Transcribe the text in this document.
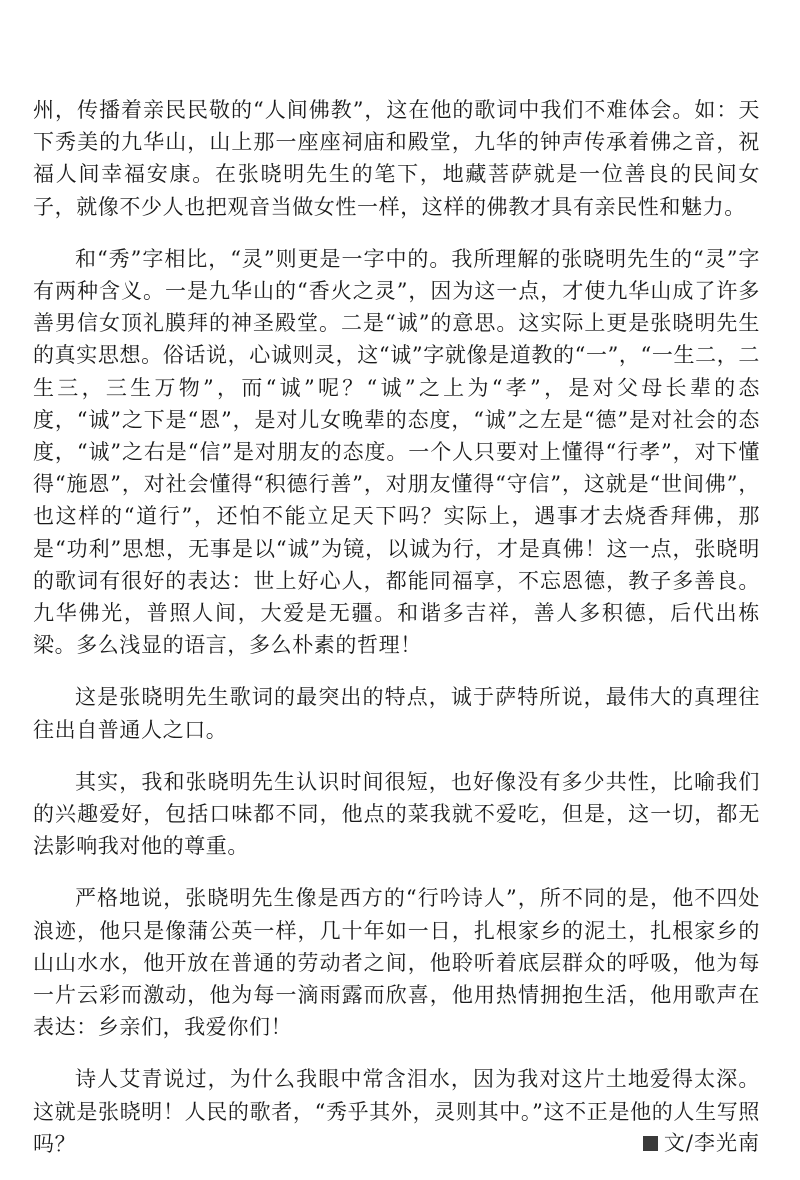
州，传播着亲民民敬的“人间佛教”，这在他的歌词中我们不难体会。如：天下秀美的九华山，山上那一座座祠庙和殿堂，九华的钟声传承着佛之音，祝福人间幸福安康。在张晓明先生的笔下，地藏菩萨就是一位善良的民间女子，就像不少人也把观音当做女性一样，这样的佛教才具有亲民性和魅力。

和“秀”字相比，“灵”则更是一字中的。我所理解的张晓明先生的“灵”字有两种含义。一是九华山的“香火之灵”，因为这一点，才使九华山成了许多善男信女顶礼膜拜的神圣殿堂。二是“诚”的意思。这实际上更是张晓明先生的真实思想。俗话说，心诚则灵，这“诚”字就像是道教的“一”，“一生二，二生三，三生万物”，而“诚”呢？“诚”之上为“孝”，是对父母长辈的态度，“诚”之下是“恩”，是对儿女晚辈的态度，“诚”之左是“德”是对社会的态度，“诚”之右是“信”是对朋友的态度。一个人只要对上懂得“行孝”，对下懂得“施恩”，对社会懂得“积德行善”，对朋友懂得“守信”，这就是“世间佛”，也这样的“道行”，还怕不能立足天下吗？实际上，遇事才去烧香拜佛，那是“功利”思想，无事是以“诚”为镜，以诚为行，才是真佛！这一点，张晓明的歌词有很好的表达：世上好心人，都能同福享，不忘恩德，教子多善良。九华佛光，普照人间，大爱是无疆。和谐多吉祥，善人多积德，后代出栋梁。多么浅显的语言，多么朴素的哲理！

这是张晓明先生歌词的最突出的特点，诚于萨特所说，最伟大的真理往往出自普通人之口。

其实，我和张晓明先生认识时间很短，也好像没有多少共性，比喻我们的兴趣爱好，包括口味都不同，他点的菜我就不爱吃，但是，这一切，都无法影响我对他的尊重。

严格地说，张晓明先生像是西方的“行吟诗人”，所不同的是，他不四处浪迹，他只是像蒲公英一样，几十年如一日，扎根家乡的泥土，扎根家乡的山山水水，他开放在普通的劳动者之间，他聆听着底层群众的呼吸，他为每一片云彩而激动，他为每一滴雨露而欣喜，他用热情拥抱生活，他用歌声在表达：乡亲们，我爱你们！

诗人艾青说过，为什么我眼中常含泪水，因为我对这片土地爱得太深。这就是张晓明！人民的歌者，“秀乎其外，灵则其中。”这不正是他的人生写照吗？	文/李光南
